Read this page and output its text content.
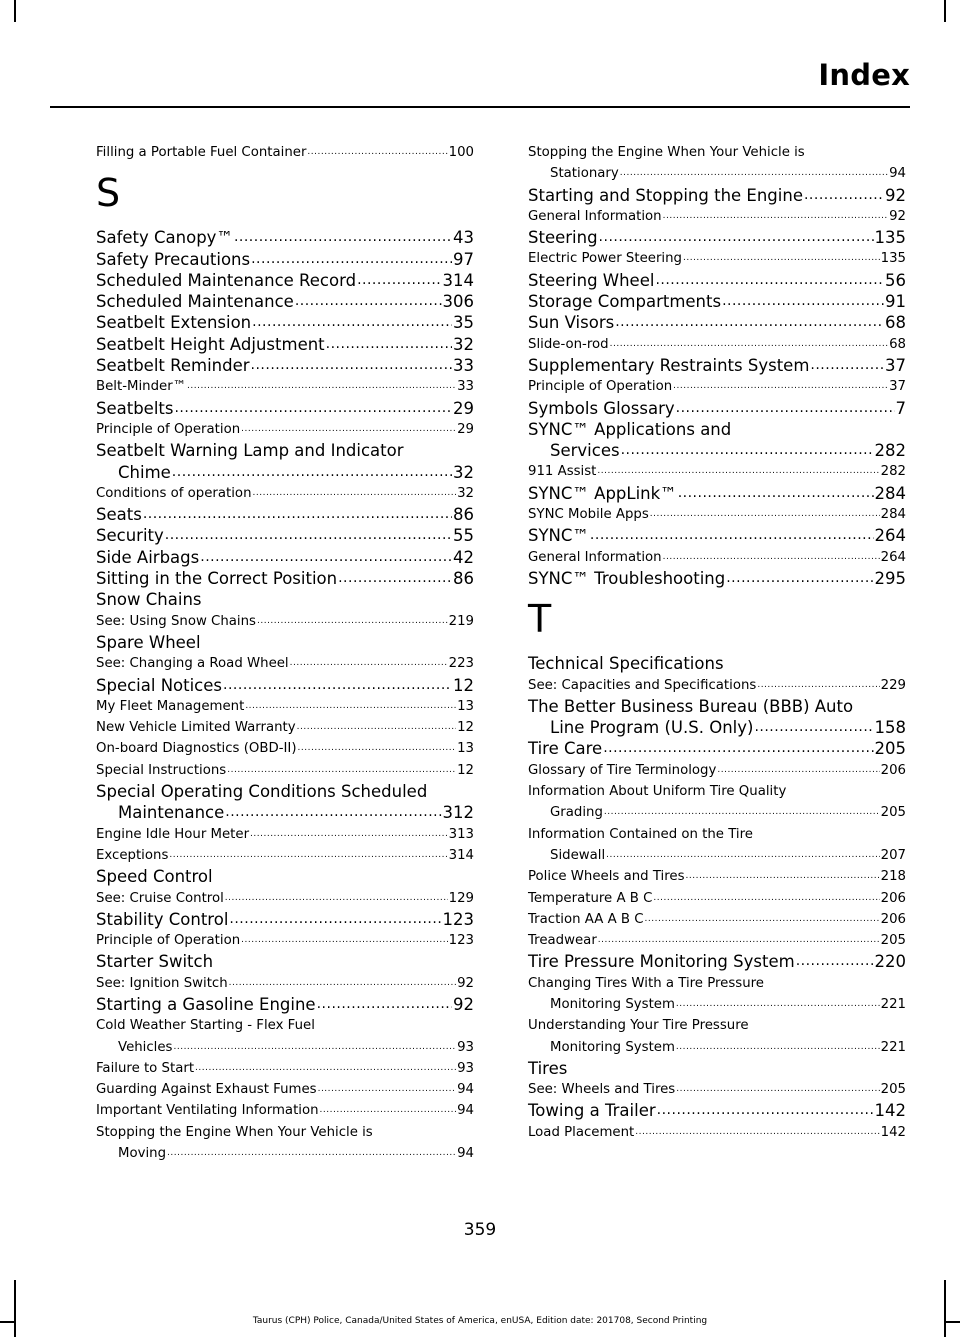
Index
Filling a Portable Fuel Container .....	100
S
Safety Canopy™ .....	43
Safety Precautions .....	97
Scheduled Maintenance Record .....	314
Scheduled Maintenance .....	306
Seatbelt Extension .....	35
Seatbelt Height Adjustment .....	32
Seatbelt Reminder .....	33
Belt-Minder™ .....	33
Seatbelts .....	29
Principle of Operation .....	29
Seatbelt Warning Lamp and Indicator
Chime .....	32
Conditions of operation .....	32
Seats .....	86
Security .....	55
Side Airbags .....	42
Sitting in the Correct Position .....	86
Snow Chains
See: Using Snow Chains .....	219
Spare Wheel
See: Changing a Road Wheel .....	223
Special Notices .....	12
My Fleet Management .....	13
New Vehicle Limited Warranty .....	12
On-board Diagnostics (OBD-II) .....	13
Special Instructions .....	12
Special Operating Conditions Scheduled
Maintenance .....	312
Engine Idle Hour Meter .....	313
Exceptions .....	314
Speed Control
See: Cruise Control .....	129
Stability Control .....	123
Principle of Operation .....	123
Starter Switch
See: Ignition Switch .....	92
Starting a Gasoline Engine .....	92
Cold Weather Starting - Flex Fuel
Vehicles .....	93
Failure to Start .....	93
Guarding Against Exhaust Fumes .....	94
Important Ventilating Information .....	94
Stopping the Engine When Your Vehicle is
Moving .....	94
Stopping the Engine When Your Vehicle is
Stationary .....	94
Starting and Stopping the Engine .....	92
General Information .....	92
Steering .....	135
Electric Power Steering .....	135
Steering Wheel .....	56
Storage Compartments .....	91
Sun Visors .....	68
Slide-on-rod .....	68
Supplementary Restraints System .....	37
Principle of Operation .....	37
Symbols Glossary .....	7
SYNC™ Applications and
Services .....	282
911 Assist .....	282
SYNC™ AppLink™ .....	284
SYNC Mobile Apps .....	284
SYNC™ .....	264
General Information .....	264
SYNC™ Troubleshooting .....	295
T
Technical Specifications
See: Capacities and Specifications .....	229
The Better Business Bureau (BBB) Auto
Line Program (U.S. Only) .....	158
Tire Care .....	205
Glossary of Tire Terminology .....	206
Information About Uniform Tire Quality
Grading .....	205
Information Contained on the Tire
Sidewall .....	207
Police Wheels and Tires .....	218
Temperature A B C .....	206
Traction AA A B C .....	206
Treadwear .....	205
Tire Pressure Monitoring System .....	220
Changing Tires With a Tire Pressure
Monitoring System .....	221
Understanding Your Tire Pressure
Monitoring System .....	221
Tires
See: Wheels and Tires .....	205
Towing a Trailer .....	142
Load Placement .....	142
359
Taurus (CPH) Police, Canada/United States of America, enUSA, Edition date: 201708, Second Printing
